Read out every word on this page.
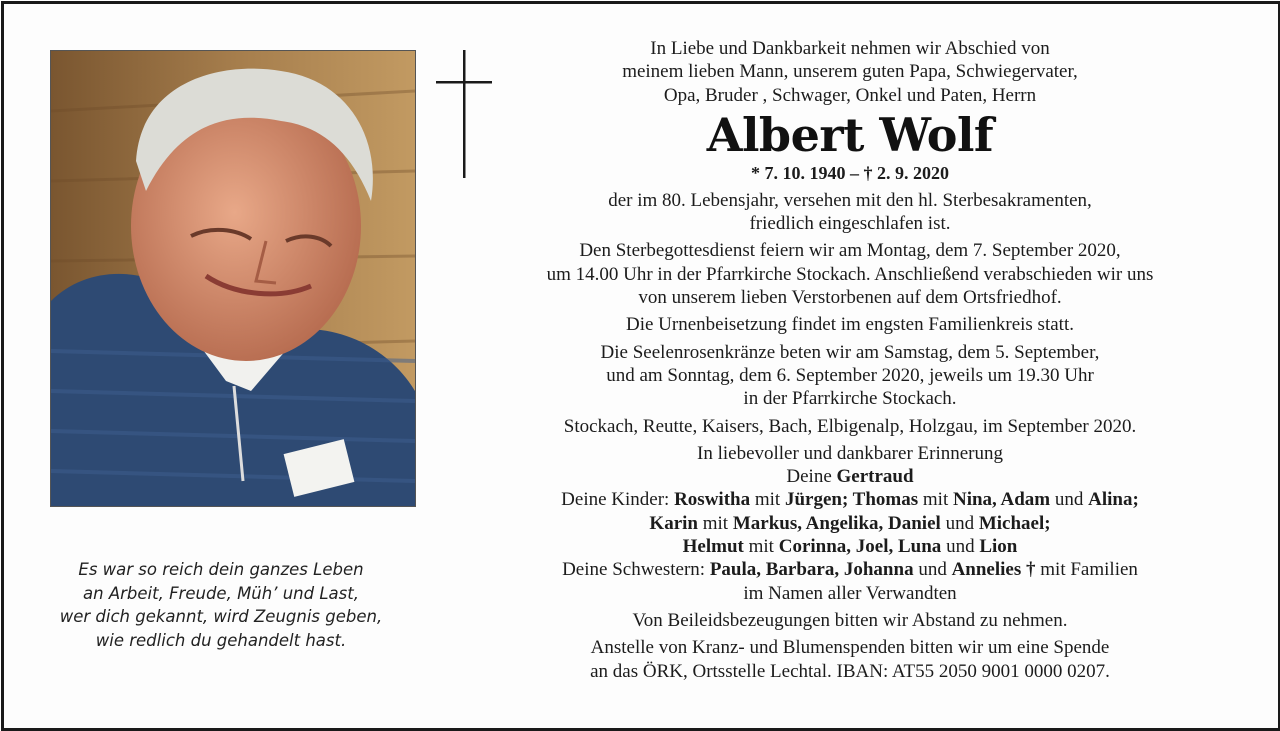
Es war so reich dein ganzes Leben
an Arbeit, Freude, Müh’ und Last,
wer dich gekannt, wird Zeugnis geben,
wie redlich du gehandelt hast.
In Liebe und Dankbarkeit nehmen wir Abschied von
meinem lieben Mann, unserem guten Papa, Schwiegervater,
Opa, Bruder , Schwager, Onkel und Paten, Herrn
Albert Wolf
* 7. 10. 1940 – † 2. 9. 2020
der im 80. Lebensjahr, versehen mit den hl. Sterbesakramenten,
friedlich eingeschlafen ist.
Den Sterbegottesdienst feiern wir am Montag, dem 7. September 2020,
um 14.00 Uhr in der Pfarrkirche Stockach. Anschließend verabschieden wir uns
von unserem lieben Verstorbenen auf dem Ortsfriedhof.
Die Urnenbeisetzung findet im engsten Familienkreis statt.
Die Seelenrosenkränze beten wir am Samstag, dem 5. September,
und am Sonntag, dem 6. September 2020, jeweils um 19.30 Uhr
in der Pfarrkirche Stockach.
Stockach, Reutte, Kaisers, Bach, Elbigenalp, Holzgau, im September 2020.
In liebevoller und dankbarer Erinnerung
Deine Gertraud
Deine Kinder: Roswitha mit Jürgen; Thomas mit Nina, Adam und Alina;
Karin mit Markus, Angelika, Daniel und Michael;
Helmut mit Corinna, Joel, Luna und Lion
Deine Schwestern: Paula, Barbara, Johanna und Annelies † mit Familien
im Namen aller Verwandten
Von Beileidsbezeugungen bitten wir Abstand zu nehmen.
Anstelle von Kranz- und Blumenspenden bitten wir um eine Spende
an das ÖRK, Ortsstelle Lechtal. IBAN: AT55 2050 9001 0000 0207.
